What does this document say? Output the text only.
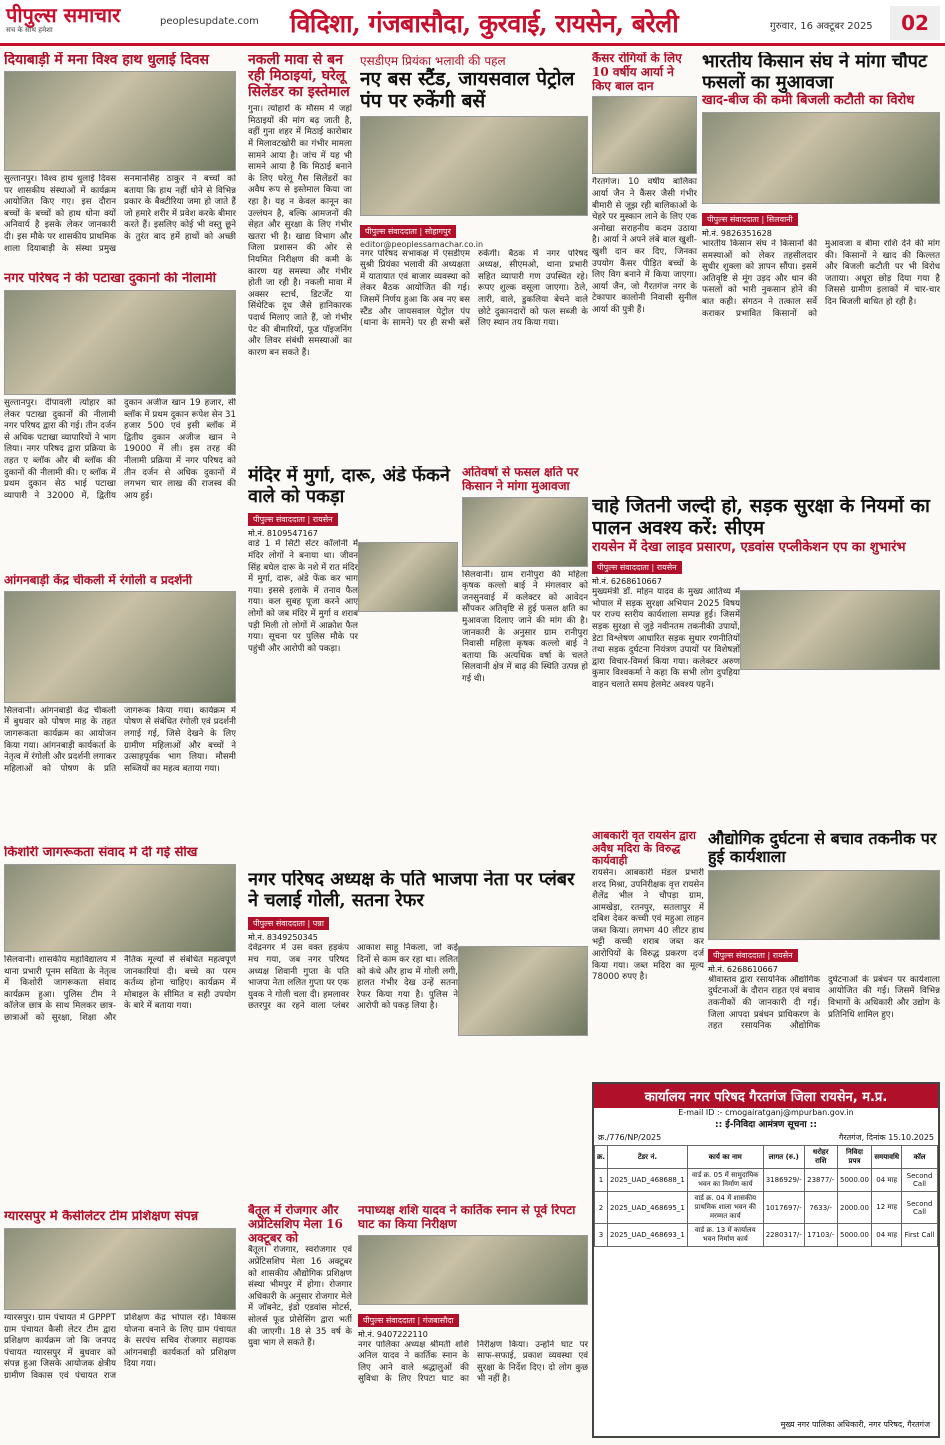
पीपुल्स समाचार
सच के साथ हमेशा
peoplesupdate.com विदिशा, गंजबासौदा, कुरवाई, रायसेन, बरेली	गुरुवार, 16 अक्टूबर 2025	02
दियाबाड़ी में मना विश्व हाथ धुलाई दिवस
सुल्तानपुर। विश्व हाथ धुलाई दिवस पर शासकीय संस्थाओं में कार्यक्रम आयोजित किए गए। इस दौरान बच्चों के बच्चों को हाथ धोना क्यों अनिवार्य है इसके लेकर जानकारी दी। इस मौके पर शासकीय प्राथमिक शाला दियाबाड़ी के संस्था प्रमुख सनमानसिंह ठाकुर ने बच्चों को बताया कि हाथ नहीं धोने से विभिन्न प्रकार के बैक्टीरिया जमा हो जाते हैं जो हमारे शरीर में प्रवेश करके बीमार करते हैं। इसलिए कोई भी वस्तु छूने के तुरंत बाद हमें हाथों को अच्छी
नगर परिषद ने की पटाखा दुकानों की नीलामी
सुल्तानपुर। दीपावली त्योहार को लेकर पटाखा दुकानों की नीलामी नगर परिषद द्वारा की गई। तीन दर्जन से अधिक पटाखा व्यापारियों ने भाग लिया। नगर परिषद द्वारा प्रक्रिया के तहत ए ब्लॉक और बी ब्लॉक की दुकानों की नीलामी की। ए ब्लॉक में प्रथम दुकान सेठ भाई पटाखा व्यापारी ने 32000 में, द्वितीय दुकान अजीज खान 19 हजार, सी ब्लॉक में प्रथम दुकान रूपेश सेन 31 हजार 500 एवं इसी ब्लॉक में द्वितीय दुकान अजीज खान ने 19000 में ली। इस तरह की नीलामी प्रक्रिया में नगर परिषद को तीन दर्जन से अधिक दुकानों में लगभग चार लाख की राजस्व की आय हुई।
आंगनबाड़ी केंद्र चीकली में रंगोली व प्रदर्शनी
सिलवानी। आंगनबाड़ी केंद्र चीकली में बुधवार को पोषण माह के तहत जागरूकता कार्यक्रम का आयोजन किया गया। आंगनबाड़ी कार्यकर्ता के नेतृत्व में रंगोली और प्रदर्शनी लगाकर महिलाओं को पोषण के प्रति जागरूक किया गया। कार्यक्रम में पोषण से संबंधित रंगोली एवं प्रदर्शनी लगाई गई, जिसे देखने के लिए ग्रामीण महिलाओं और बच्चों ने उत्साहपूर्वक भाग लिया। मौसमी सब्जियों का महत्व बताया गया।
किशोरी जागरूकता संवाद में दी गई सीख
सिलवानी। शासकीय महाविद्यालय में थाना प्रभारी पूनम सविता के नेतृत्व में किशोरी जागरूकता संवाद कार्यक्रम हुआ। पुलिस टीम ने कॉलेज छात्र के साथ मिलकर छात्र-छात्राओं को सुरक्षा, शिक्षा और नैतिक मूल्यों से संबंधित महत्वपूर्ण जानकारियां दी। बच्चे का परम कर्तव्य होना चाहिए। कार्यक्रम में मोबाइल के सीमित व सही उपयोग के बारे में बताया गया।
ग्यारसपुर में कैसीलेटर टीम प्रशिक्षण संपन्न
ग्यारसपुर। ग्राम पंचायत में GPPPT ग्राम पंचायत कैसी लेटर टीम द्वारा प्रशिक्षण कार्यक्रम जो कि जनपद पंचायत ग्यारसपुर में बुधवार को संपन्न हुआ जिसके आयोजक क्षेत्रीय ग्रामीण विकास एवं पंचायत राज प्रशिक्षण केंद्र भोपाल रहे। विकास योजना बनाने के लिए ग्राम पंचायत के सरपंच सचिव रोजगार सहायक आंगनबाड़ी कार्यकर्ता को प्रशिक्षण दिया गया।
नकली मावा से बन रही मिठाइयां, घरेलू सिलेंडर का इस्तेमाल
गुना। त्योहारों के मौसम में जहां मिठाइयों की मांग बढ़ जाती है, वहीं गुना शहर में मिठाई कारोबार में मिलावटखोरी का गंभीर मामला सामने आया है। जांच में यह भी सामने आया है कि मिठाई बनाने के लिए घरेलू गैस सिलेंडरों का अवैध रूप से इस्तेमाल किया जा रहा है। यह न केवल कानून का उल्लंघन है, बल्कि आमजनों की सेहत और सुरक्षा के लिए गंभीर खतरा भी है। खाद्य विभाग और जिला प्रशासन की ओर से नियमित निरीक्षण की कमी के कारण यह समस्या और गंभीर होती जा रही है। नकली मावा में अक्सर स्टार्च, डिटर्जेंट या सिंथेटिक दूध जैसे हानिकारक पदार्थ मिलाए जाते हैं, जो गंभीर पेट की बीमारियों, फूड पॉइजनिंग और लिवर संबंधी समस्याओं का कारण बन सकते हैं।
एसडीएम प्रियंका भलावी की पहल
नए बस स्टैंड, जायसवाल पेट्रोल पंप पर रुकेंगी बसें
पीपुल्स संवाददाता | सोहागपुर
editor@peoplessamachar.co.in
नगर परिषद सभाकक्ष में एसडीएम सुश्री प्रियंका भलावी की अध्यक्षता में यातायात एवं बाजार व्यवस्था को लेकर बैठक आयोजित की गई। जिसमें निर्णय हुआ कि अब नए बस स्टैंड और जायसवाल पेट्रोल पंप (थाना के सामने) पर ही सभी बसें रुकेंगी। बैठक में नगर परिषद अध्यक्ष, सीएमओ, थाना प्रभारी सहित व्यापारी गण उपस्थित रहे। रूपए शुल्क वसूला जाएगा। ठेले, लारी, वाले, डुकलिया बेचने वाले छोटे दुकानदारों को फल सब्जी के लिए स्थान तय किया गया।
कैंसर रोगियों के लिए 10 वर्षीय आर्या ने किए बाल दान
गैरतगंज। 10 वर्षीय बालिका आर्या जैन ने कैंसर जैसी गंभीर बीमारी से जूझ रही बालिकाओं के चेहरे पर मुस्कान लाने के लिए एक अनोखा सराहनीय कदम उठाया है। आर्या ने अपने लंबे बाल खुशी-खुशी दान कर दिए, जिनका उपयोग कैंसर पीड़ित बच्चों के लिए विग बनाने में किया जाएगा। आर्या जैन, जो गैरतगंज नगर के टेकापार कालोनी निवासी सुनील आर्या की पुत्री हैं।
भारतीय किसान संघ ने मांगा चौपट फसलों का मुआवजा
खाद-बीज की कमी बिजली कटौती का विरोध
पीपुल्स संवाददाता | सिलवानी
मो.नं. 9826351628
भारतीय किसान संघ ने किसानों की समस्याओं को लेकर तहसीलदार सुधीर शुक्ला को ज्ञापन सौंपा। इसमें अतिवृष्टि से मूंग उड़द और धान की फसलों को भारी नुकसान होने की बात कही। संगठन ने तत्काल सर्वे कराकर प्रभावित किसानों को मुआवजा व बीमा राशि देने की मांग की। किसानों ने खाद की किल्लत और बिजली कटौती पर भी विरोध जताया। अधूरा छोड़ दिया गया है जिससे ग्रामीण इलाकों में चार-चार दिन बिजली बाधित हो रही है।
मंदिर में मुर्गा, दारू, अंडे फेंकने वाले को पकड़ा
पीपुल्स संवाददाता | रायसेन
मो.नं. 8109547167
वार्ड 1 में सिटी सेंटर कॉलोनी में मंदिर लोगों ने बनाया था। जीवन सिंह बघेल दारू के नशे में रात मंदिर में मुर्गा, दारू, अंडे फेंक कर भाग गया। इससे इलाके में तनाव फैल गया। कल सुबह पूजा करने आए लोगों को जब मंदिर में मुर्गा व शराब पड़ी मिली तो लोगों में आक्रोश फैल गया। सूचना पर पुलिस मौके पर पहुंची और आरोपी को पकड़ा।
अतिवर्षा से फसल क्षति पर किसान ने मांगा मुआवजा
सिलवानी। ग्राम रानीपुरा की महिला कृषक कल्लो बाई ने मंगलवार को जनसुनवाई में कलेक्टर को आवेदन सौंपकर अतिवृष्टि से हुई फसल क्षति का मुआवजा दिलाए जाने की मांग की है। जानकारी के अनुसार ग्राम रानीपुरा निवासी महिला कृषक कल्लो बाई ने बताया कि अत्यधिक वर्षा के चलते सिलवानी क्षेत्र में बाढ़ की स्थिति उत्पन्न हो गई थी।
चाहे जितनी जल्दी हो, सड़क सुरक्षा के नियमों का पालन अवश्य करें: सीएम
रायसेन में देखा लाइव प्रसारण, एडवांस एप्लीकेशन एप का शुभारंभ
पीपुल्स संवाददाता | रायसेन
मो.नं. 6268610667
मुख्यमंत्री डॉ. मोहन यादव के मुख्य आतिथ्य में भोपाल में सड़क सुरक्षा अभियान 2025 विषय पर राज्य स्तरीय कार्यशाला सम्पन्न हुई। जिसमें सड़क सुरक्षा से जुड़े नवीनतम तकनीकी उपायों, डेटा विश्लेषण आधारित सड़क सुधार रणनीतियों तथा सड़क दुर्घटना नियंत्रण उपायों पर विशेषज्ञों द्वारा विचार-विमर्श किया गया। कलेक्टर अरुण कुमार विश्वकर्मा ने कहा कि सभी लोग दुपहिया वाहन चलाते समय हेलमेट अवश्य पहनें।
नगर परिषद अध्यक्ष के पति भाजपा नेता पर प्लंबर ने चलाई गोली, सतना रेफर
पीपुल्स संवाददाता | पन्ना
मो.नं. 8349250345
देवेंद्रनगर में उस वक्त हड़कंप मच गया, जब नगर परिषद अध्यक्ष शिवानी गुप्ता के पति भाजपा नेता ललित गुप्ता पर एक युवक ने गोली चला दी। हमलावर छतरपुर का रहने वाला प्लंबर आकाश साहू निकला, जो कई दिनों से काम कर रहा था। ललित को कंधे और हाथ में गोली लगी, हालत गंभीर देख उन्हें सतना रेफर किया गया है। पुलिस ने आरोपी को पकड़ लिया है।
आबकारी वृत रायसेन द्वारा अवैध मदिरा के विरुद्ध कार्यवाही
रायसेन। आबकारी मंडल प्रभारी शरद मिश्रा, उपनिरीक्षक वृत्त रायसेन शैलेंद्र भील ने चौपड़ा ग्राम, आमखेड़ा, रतनपुर, सतलापुर में दबिश देकर कच्ची एवं महुआ लाहन जब्त किया। लगभग 40 लीटर हाथ भट्टी कच्ची शराब जब्त कर आरोपियों के विरुद्ध प्रकरण दर्ज किया गया। जब्त मदिरा का मूल्य 78000 रुपए है।
औद्योगिक दुर्घटना से बचाव तकनीक पर हुई कार्यशाला
पीपुल्स संवाददाता | रायसेन
मो.नं. 6268610667
श्रीवास्तव द्वारा रसायनिक औद्योगिक दुर्घटनाओं के दौरान राहत एवं बचाव तकनीकों की जानकारी दी गई। जिला आपदा प्रबंधन प्राधिकरण के तहत रसायनिक औद्योगिक दुर्घटनाओं के प्रबंधन पर कार्यशाला आयोजित की गई। जिसमें विभिन्न विभागों के अधिकारी और उद्योग के प्रतिनिधि शामिल हुए।
बैतूल में रोजगार और अप्रेंटिसशिप मेला 16 अक्टूबर को
बैतूल। रोजगार, स्वरोजगार एवं अप्रेंटिसशिप मेला 16 अक्टूबर को शासकीय औद्योगिक प्रशिक्षण संस्था भीमपुर में होगा। रोजगार अधिकारी के अनुसार रोजगार मेले में जॉबनेट, इंडो एडवांस मोटर्स, सोलर्स फूड प्रोसेसिंग द्वारा भर्ती की जाएगी। 18 से 35 वर्ष के युवा भाग ले सकते हैं।
नपाध्यक्ष शशि यादव ने कार्तिक स्नान से पूर्व रिपटा घाट का किया निरीक्षण
पीपुल्स संवाददाता | गंजबासौदा
मो.नं. 9407222110
नगर पालिका अध्यक्ष श्रीमती शशि अनिल यादव ने कार्तिक स्नान के लिए आने वाले श्रद्धालुओं की सुविधा के लिए रिपटा घाट का निरीक्षण किया। उन्होंने घाट पर साफ-सफाई, प्रकाश व्यवस्था एवं सुरक्षा के निर्देश दिए। दो लोग कुछ भी नहीं है।
कार्यालय नगर परिषद गैरतगंज जिला रायसेन, म.प्र.
E-mail ID :- cmogairatganj@mpurban.gov.in
:: ई-निविदा आमंत्रण सूचना ::
क्र./776/NP/2025	गैरतगंज, दिनांक 15.10.2025
क्र.	टेंडर नं.	कार्य का नाम	लागत (रु.)	धरोहर राशि	निविदा प्रपत्र	समयावधि	कॉल
1	2025_UAD_468688_1	वार्ड क्र. 05 में सामुदायिक भवन का निर्माण कार्य	3186929/-	23877/-	5000.00	04 माह	Second Call
2	2025_UAD_468695_1	वार्ड क्र. 04 में शासकीय प्राथमिक शाला भवन की मरम्मत कार्य	1017697/-	7633/-	2000.00	12 माह	Second Call
3	2025_UAD_468693_1	वार्ड क्र. 13 में कार्यालय भवन निर्माण कार्य	2280317/-	17103/-	5000.00	04 माह	First Call
मुख्य नगर पालिका अधिकारी, नगर परिषद, गैरतगंज
